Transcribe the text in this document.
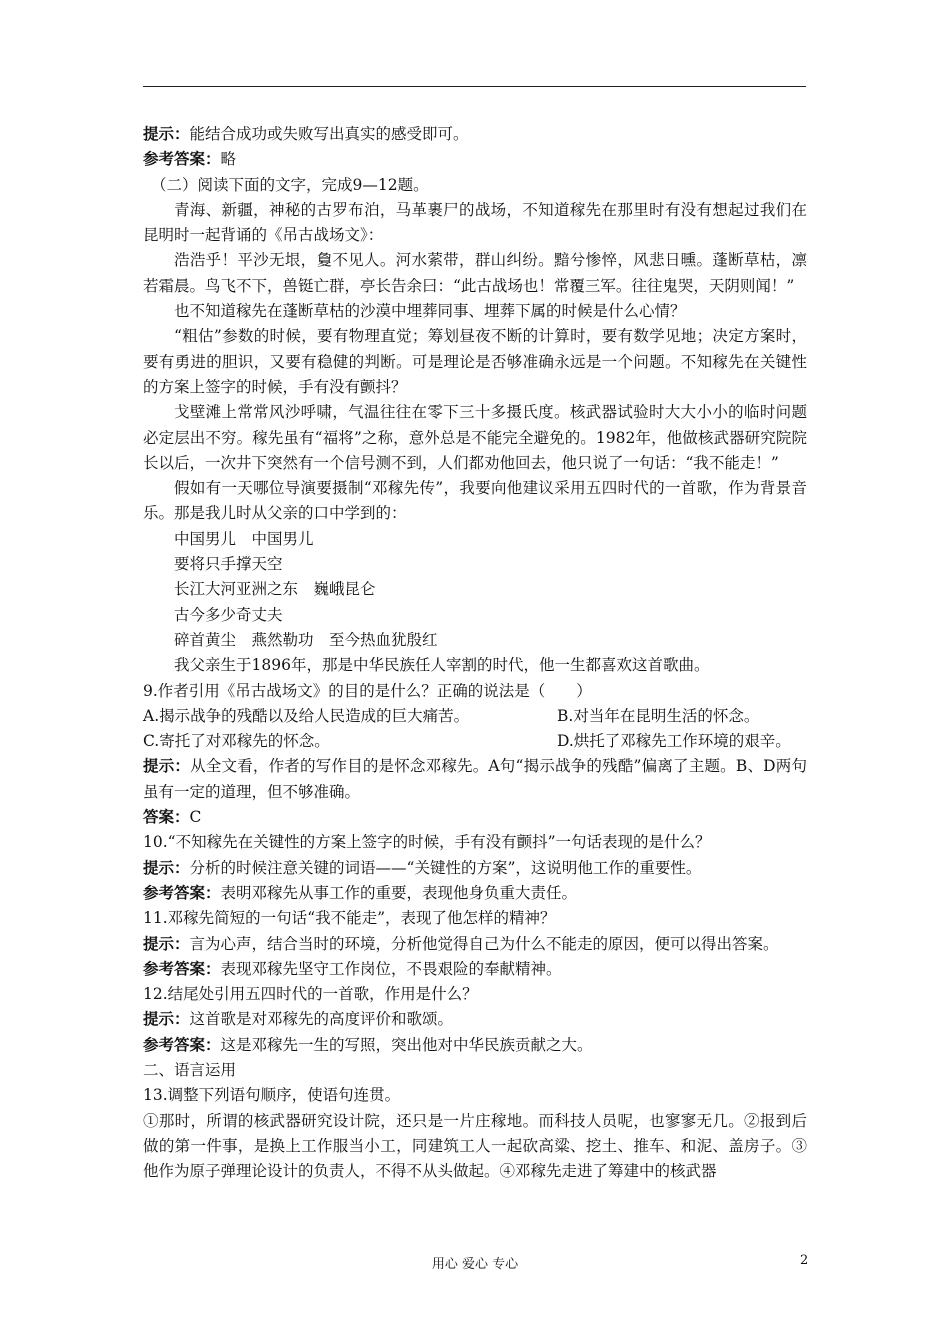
提示：能结合成功或失败写出真实的感受即可。

参考答案：略

（二）阅读下面的文字，完成9—12题。

青海、新疆，神秘的古罗布泊，马革裹尸的战场，不知道稼先在那里时有没有想起过我们在昆明时一起背诵的《吊古战场文》：

浩浩乎！平沙无垠，敻不见人。河水萦带，群山纠纷。黯兮惨悴，风悲日曛。蓬断草枯，凛若霜晨。鸟飞不下，兽铤亡群，亭长告余曰：“此古战场也！常覆三军。往往鬼哭，天阴则闻！”

也不知道稼先在蓬断草枯的沙漠中埋葬同事、埋葬下属的时候是什么心情？

“粗估”参数的时候，要有物理直觉；筹划昼夜不断的计算时，要有数学见地；决定方案时，要有勇进的胆识，又要有稳健的判断。可是理论是否够准确永远是一个问题。不知稼先在关键性的方案上签字的时候，手有没有颤抖？

戈壁滩上常常风沙呼啸，气温往往在零下三十多摄氏度。核武器试验时大大小小的临时问题必定层出不穷。稼先虽有“福将”之称，意外总是不能完全避免的。1982年，他做核武器研究院院长以后，一次井下突然有一个信号测不到，人们都劝他回去，他只说了一句话：“我不能走！”

假如有一天哪位导演要摄制“邓稼先传”，我要向他建议采用五四时代的一首歌，作为背景音乐。那是我儿时从父亲的口中学到的：

中国男儿　中国男儿

要将只手撑天空

长江大河亚洲之东　巍峨昆仑

古今多少奇丈夫

碎首黄尘　燕然勒功　至今热血犹殷红

我父亲生于1896年，那是中华民族任人宰割的时代，他一生都喜欢这首歌曲。

9.作者引用《吊古战场文》的目的是什么？正确的说法是（　　）

A.揭示战争的残酷以及给人民造成的巨大痛苦。	B.对当年在昆明生活的怀念。
C.寄托了对邓稼先的怀念。	D.烘托了邓稼先工作环境的艰辛。

提示：从全文看，作者的写作目的是怀念邓稼先。A句“揭示战争的残酷”偏离了主题。B、D两句虽有一定的道理，但不够准确。

答案：C

10.“不知稼先在关键性的方案上签字的时候，手有没有颤抖”一句话表现的是什么？

提示：分析的时候注意关键的词语——“关键性的方案”，这说明他工作的重要性。

参考答案：表明邓稼先从事工作的重要，表现他身负重大责任。

11.邓稼先简短的一句话“我不能走”，表现了他怎样的精神？

提示：言为心声，结合当时的环境，分析他觉得自己为什么不能走的原因，便可以得出答案。

参考答案：表现邓稼先坚守工作岗位，不畏艰险的奉献精神。

12.结尾处引用五四时代的一首歌，作用是什么？

提示：这首歌是对邓稼先的高度评价和歌颂。

参考答案：这是邓稼先一生的写照，突出他对中华民族贡献之大。

二、语言运用

13.调整下列语句顺序，使语句连贯。

①那时，所谓的核武器研究设计院，还只是一片庄稼地。而科技人员呢，也寥寥无几。②报到后做的第一件事，是换上工作服当小工，同建筑工人一起砍高粱、挖土、推车、和泥、盖房子。③他作为原子弹理论设计的负责人，不得不从头做起。④邓稼先走进了筹建中的核武器

用心 爱心 专心	2
